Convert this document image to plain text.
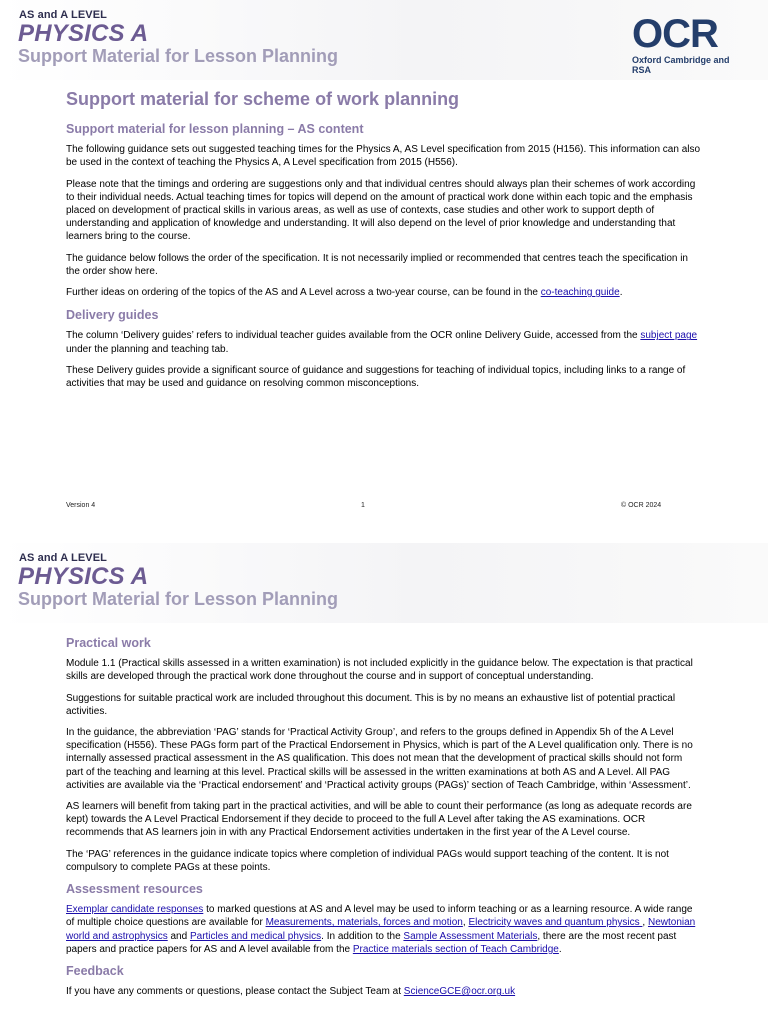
AS and A LEVEL
PHYSICS A
Support Material for Lesson Planning	OCR
Oxford Cambridge and RSA
Support material for scheme of work planning
Support material for lesson planning – AS content

The following guidance sets out suggested teaching times for the Physics A, AS Level specification from 2015 (H156). This information can also be used in the context of teaching the Physics A, A Level specification from 2015 (H556).

Please note that the timings and ordering are suggestions only and that individual centres should always plan their schemes of work according to their individual needs. Actual teaching times for topics will depend on the amount of practical work done within each topic and the emphasis placed on development of practical skills in various areas, as well as use of contexts, case studies and other work to support depth of understanding and application of knowledge and understanding. It will also depend on the level of prior knowledge and understanding that learners bring to the course.

The guidance below follows the order of the specification. It is not necessarily implied or recommended that centres teach the specification in the order show here.

Further ideas on ordering of the topics of the AS and A Level across a two-year course, can be found in the co-teaching guide.

Delivery guides

The column ‘Delivery guides’ refers to individual teacher guides available from the OCR online Delivery Guide, accessed from the subject page under the planning and teaching tab.

These Delivery guides provide a significant source of guidance and suggestions for teaching of individual topics, including links to a range of activities that may be used and guidance on resolving common misconceptions.

Version 4	1	© OCR 2024
AS and A LEVEL
PHYSICS A
Support Material for Lesson Planning
Practical work

Module 1.1 (Practical skills assessed in a written examination) is not included explicitly in the guidance below. The expectation is that practical skills are developed through the practical work done throughout the course and in support of conceptual understanding.

Suggestions for suitable practical work are included throughout this document. This is by no means an exhaustive list of potential practical activities.

In the guidance, the abbreviation ‘PAG’ stands for ‘Practical Activity Group’, and refers to the groups defined in Appendix 5h of the A Level specification (H556). These PAGs form part of the Practical Endorsement in Physics, which is part of the A Level qualification only. There is no internally assessed practical assessment in the AS qualification. This does not mean that the development of practical skills should not form part of the teaching and learning at this level. Practical skills will be assessed in the written examinations at both AS and A Level. All PAG activities are available via the ‘Practical endorsement’ and ‘Practical activity groups (PAGs)’ section of Teach Cambridge, within ‘Assessment’.

AS learners will benefit from taking part in the practical activities, and will be able to count their performance (as long as adequate records are kept) towards the A Level Practical Endorsement if they decide to proceed to the full A Level after taking the AS examinations. OCR recommends that AS learners join in with any Practical Endorsement activities undertaken in the first year of the A Level course.

The ‘PAG’ references in the guidance indicate topics where completion of individual PAGs would support teaching of the content. It is not compulsory to complete PAGs at these points.

Assessment resources

Exemplar candidate responses to marked questions at AS and A level may be used to inform teaching or as a learning resource. A wide range of multiple choice questions are available for Measurements, materials, forces and motion, Electricity waves and quantum physics , Newtonian world and astrophysics and Particles and medical physics. In addition to the Sample Assessment Materials, there are the most recent past papers and practice papers for AS and A level available from the Practice materials section of Teach Cambridge.

Feedback

If you have any comments or questions, please contact the Subject Team at ScienceGCE@ocr.org.uk
